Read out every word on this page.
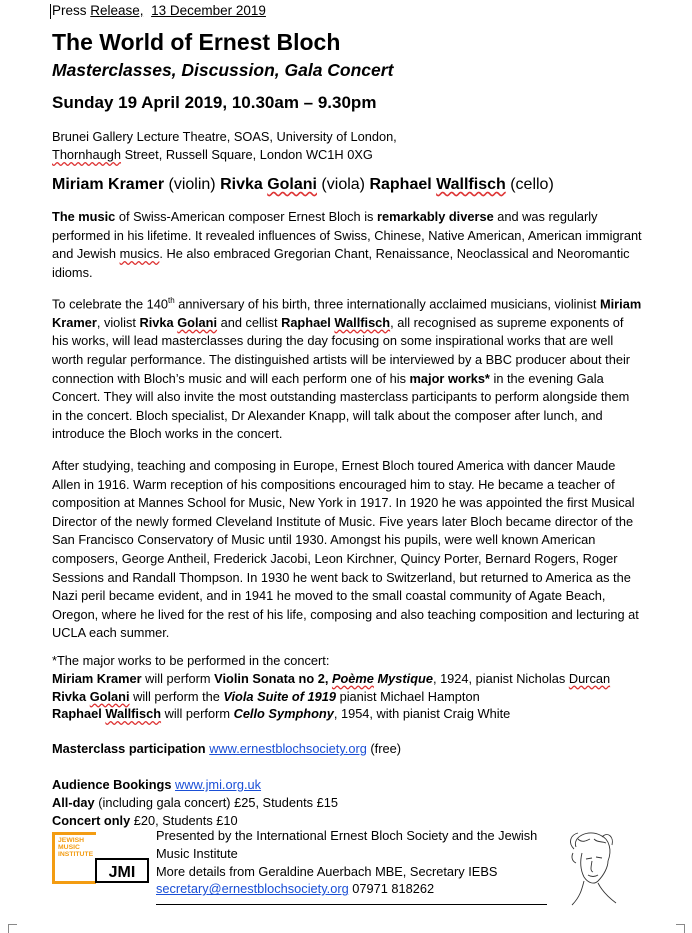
Press Release, 13 December 2019
The World of Ernest Bloch
Masterclasses, Discussion, Gala Concert
Sunday 19 April 2019, 10.30am – 9.30pm
Brunei Gallery Lecture Theatre, SOAS, University of London,
Thornhaugh Street, Russell Square, London WC1H 0XG
Miriam Kramer (violin) Rivka Golani (viola) Raphael Wallfisch (cello)
The music of Swiss-American composer Ernest Bloch is remarkably diverse and was regularly performed in his lifetime. It revealed influences of Swiss, Chinese, Native American, American immigrant and Jewish musics. He also embraced Gregorian Chant, Renaissance, Neoclassical and Neoromantic idioms.
To celebrate the 140th anniversary of his birth, three internationally acclaimed musicians, violinist Miriam Kramer, violist Rivka Golani and cellist Raphael Wallfisch, all recognised as supreme exponents of his works, will lead masterclasses during the day focusing on some inspirational works that are well worth regular performance. The distinguished artists will be interviewed by a BBC producer about their connection with Bloch’s music and will each perform one of his major works* in the evening Gala Concert. They will also invite the most outstanding masterclass participants to perform alongside them in the concert. Bloch specialist, Dr Alexander Knapp, will talk about the composer after lunch, and introduce the Bloch works in the concert.
After studying, teaching and composing in Europe, Ernest Bloch toured America with dancer Maude Allen in 1916. Warm reception of his compositions encouraged him to stay. He became a teacher of composition at Mannes School for Music, New York in 1917. In 1920 he was appointed the first Musical Director of the newly formed Cleveland Institute of Music. Five years later Bloch became director of the San Francisco Conservatory of Music until 1930. Amongst his pupils, were well known American composers, George Antheil, Frederick Jacobi, Leon Kirchner, Quincy Porter, Bernard Rogers, Roger Sessions and Randall Thompson. In 1930 he went back to Switzerland, but returned to America as the Nazi peril became evident, and in 1941 he moved to the small coastal community of Agate Beach, Oregon, where he lived for the rest of his life, composing and also teaching composition and lecturing at UCLA each summer.
*The major works to be performed in the concert:
Miriam Kramer will perform Violin Sonata no 2, Poème Mystique, 1924, pianist Nicholas Durcan
Rivka Golani will perform the Viola Suite of 1919 pianist Michael Hampton
Raphael Wallfisch will perform Cello Symphony, 1954, with pianist Craig White
Masterclass participation www.ernestblochsociety.org (free)
Audience Bookings www.jmi.org.uk
All-day (including gala concert) £25, Students £15
Concert only £20, Students £10
JEWISH
MUSIC
INSTITUTE
JMI
Presented by the International Ernest Bloch Society and the Jewish
Music Institute
More details from Geraldine Auerbach MBE, Secretary IEBS
secretary@ernestblochsociety.org 07971 818262
